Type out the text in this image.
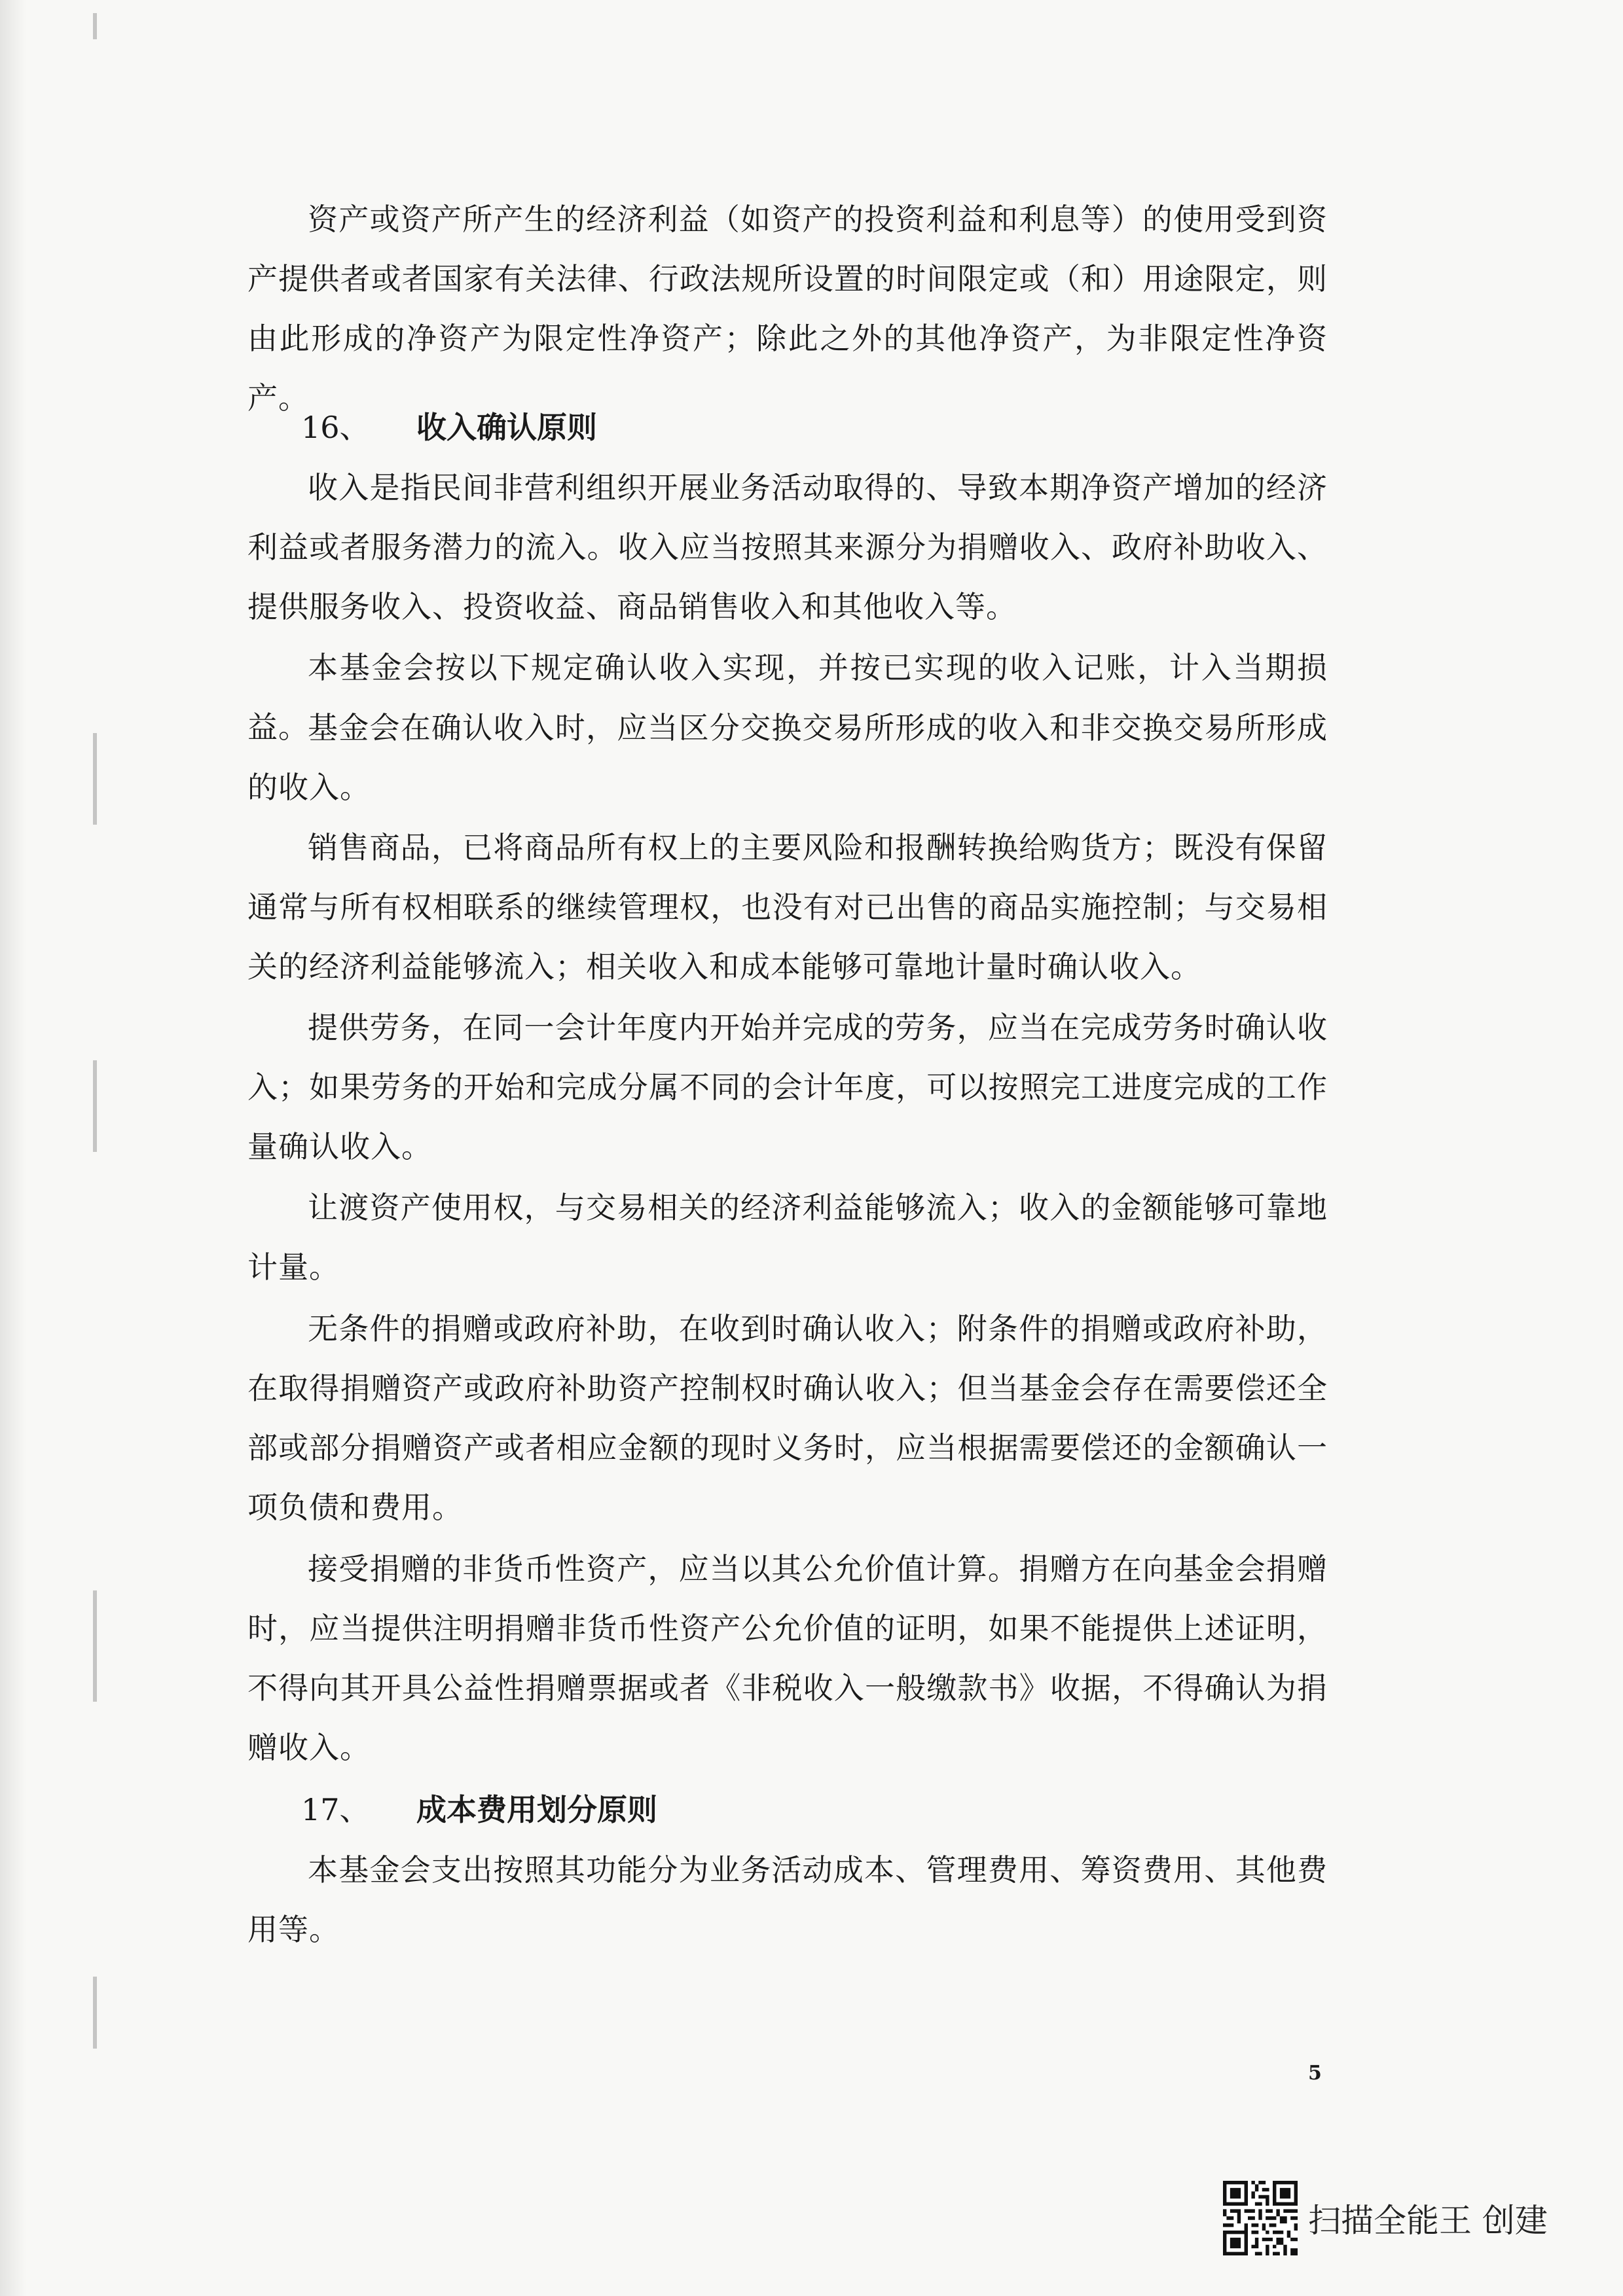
资产或资产所产生的经济利益（如资产的投资利益和利息等）的使用受到资产提供者或者国家有关法律、行政法规所设置的时间限定或（和）用途限定，则由此形成的净资产为限定性净资产；除此之外的其他净资产，为非限定性净资产。

16、 收入确认原则

收入是指民间非营利组织开展业务活动取得的、导致本期净资产增加的经济利益或者服务潜力的流入。收入应当按照其来源分为捐赠收入、政府补助收入、提供服务收入、投资收益、商品销售收入和其他收入等。

本基金会按以下规定确认收入实现，并按已实现的收入记账，计入当期损益。

基金会在确认收入时，应当区分交换交易所形成的收入和非交换交易所形成的收入。

销售商品，已将商品所有权上的主要风险和报酬转换给购货方；既没有保留通常与所有权相联系的继续管理权，也没有对已出售的商品实施控制；与交易相关的经济利益能够流入；相关收入和成本能够可靠地计量时确认收入。

提供劳务，在同一会计年度内开始并完成的劳务，应当在完成劳务时确认收入；如果劳务的开始和完成分属不同的会计年度，可以按照完工进度完成的工作量确认收入。

让渡资产使用权，与交易相关的经济利益能够流入；收入的金额能够可靠地计量。

无条件的捐赠或政府补助，在收到时确认收入；附条件的捐赠或政府补助，在取得捐赠资产或政府补助资产控制权时确认收入；但当基金会存在需要偿还全部或部分捐赠资产或者相应金额的现时义务时，应当根据需要偿还的金额确认一项负债和费用。

接受捐赠的非货币性资产，应当以其公允价值计算。捐赠方在向基金会捐赠时，应当提供注明捐赠非货币性资产公允价值的证明，如果不能提供上述证明，不得向其开具公益性捐赠票据或者《非税收入一般缴款书》收据，不得确认为捐赠收入。

17、 成本费用划分原则

本基金会支出按照其功能分为业务活动成本、管理费用、筹资费用、其他费用等。

5
扫描全能王 创建
